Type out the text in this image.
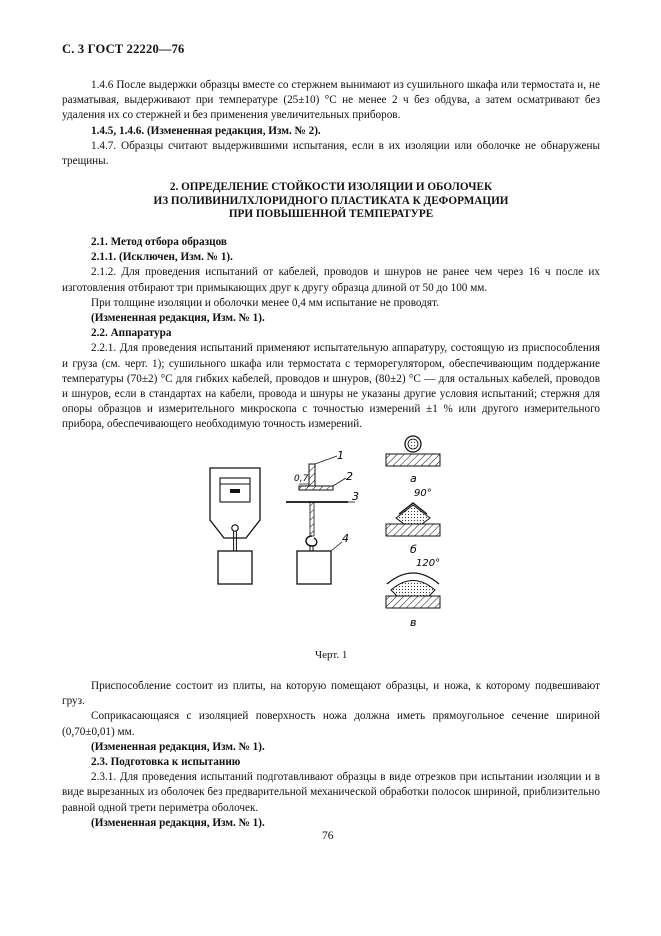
С. 3 ГОСТ 22220—76

1.4.6 После выдержки образцы вместе со стержнем вынимают из сушильного шкафа или термостата и, не разматывая, выдерживают при температуре (25±10) °С не менее 2 ч без обдува, а затем осматривают без удаления их со стержней и без применения увеличительных приборов.

1.4.5, 1.4.6. (Измененная редакция, Изм. № 2).

1.4.7. Образцы считают выдержившими испытания, если в их изоляции или оболочке не обнаружены трещины.

2. ОПРЕДЕЛЕНИЕ СТОЙКОСТИ ИЗОЛЯЦИИ И ОБОЛОЧЕК
ИЗ ПОЛИВИНИЛХЛОРИДНОГО ПЛАСТИКАТА К ДЕФОРМАЦИИ
ПРИ ПОВЫШЕННОЙ ТЕМПЕРАТУРЕ

2.1. Метод отбора образцов

2.1.1. (Исключен, Изм. № 1).

2.1.2. Для проведения испытаний от кабелей, проводов и шнуров не ранее чем через 16 ч после их изготовления отбирают три примыкающих друг к другу образца длиной от 50 до 100 мм.

При толщине изоляции и оболочки менее 0,4 мм испытание не проводят.

(Измененная редакция, Изм. № 1).

2.2. Аппаратура

2.2.1. Для проведения испытаний применяют испытательную аппаратуру, состоящую из приспособления и груза (см. черт. 1); сушильного шкафа или термостата с терморегулятором, обеспечивающим поддержание температуры (70±2) °С для гибких кабелей, проводов и шнуров, (80±2) °С — для остальных кабелей, проводов и шнуров, если в стандартах на кабели, провода и шнуры не указаны другие условия испытаний; стержня для опоры образцов и измерительного микроскопа с точностью измерений ±1 % или другого измерительного прибора, обеспечивающего необходимую точность измерений.

1
2
3
4
0,7	а
90°
б
120°
в
Черт. 1

Приспособление состоит из плиты, на которую помещают образцы, и ножа, к которому подвешивают груз.

Соприкасающаяся с изоляцией поверхность ножа должна иметь прямоугольное сечение шириной (0,70±0,01) мм.

(Измененная редакция, Изм. № 1).

2.3. Подготовка к испытанию

2.3.1. Для проведения испытаний подготавливают образцы в виде отрезков при испытании изоляции и в виде вырезанных из оболочек без предварительной механической обработки полосок шириной, приблизительно равной одной трети периметра оболочек.

(Измененная редакция, Изм. № 1).

76
